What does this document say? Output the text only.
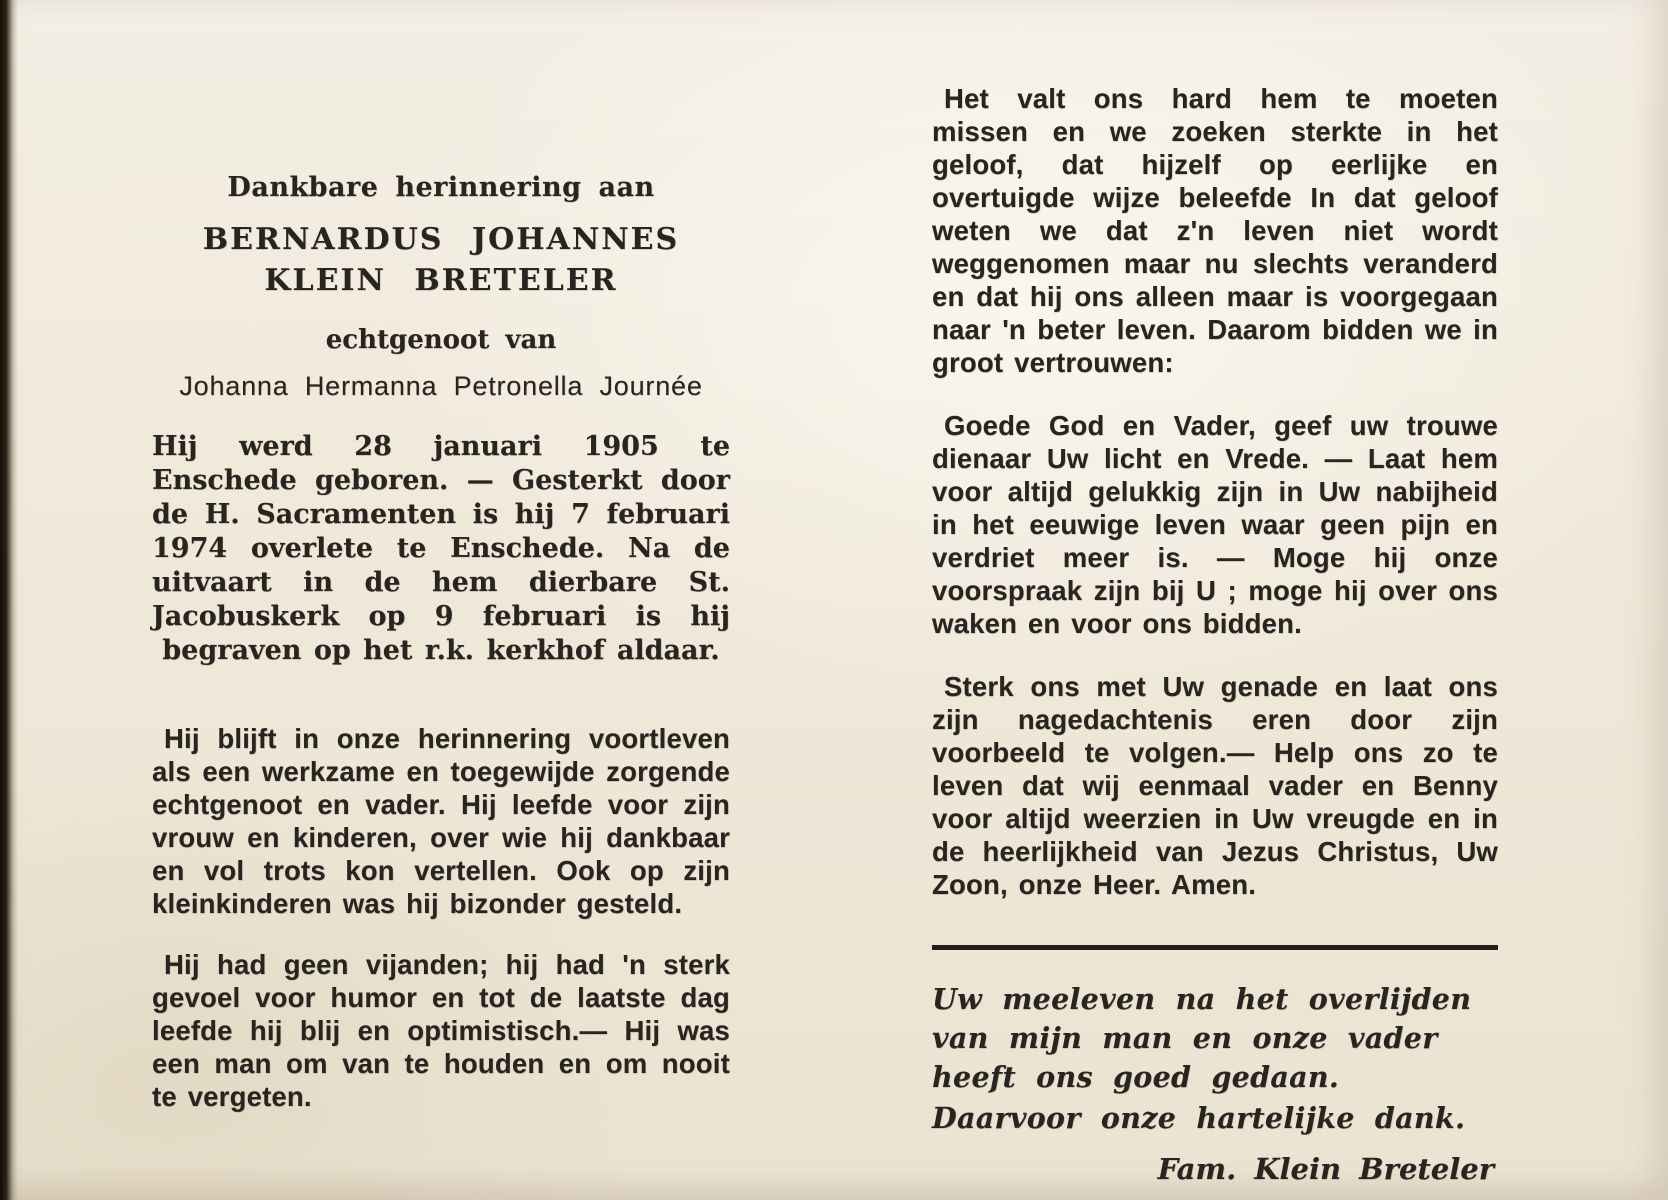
Dankbare herinnering aan
BERNARDUS JOHANNES
KLEIN BRETELER
echtgenoot van
Johanna Hermanna Petronella Journée
Hij werd 28 januari 1905 te Enschede geboren. — Gesterkt door de H. Sacramenten is hij 7 februari 1974 overlete te Enschede. Na de uitvaart in de hem dierbare St. Jacobuskerk op 9 februari is hij begraven op het r.k. kerkhof aldaar.
Hij blijft in onze herinnering voortleven als een werkzame en toegewijde zorgende echtgenoot en vader. Hij leefde voor zijn vrouw en kinderen, over wie hij dankbaar en vol trots kon vertellen. Ook op zijn kleinkinderen was hij bizonder gesteld.
Hij had geen vijanden; hij had 'n sterk gevoel voor humor en tot de laatste dag leefde hij blij en optimistisch.— Hij was een man om van te houden en om nooit te vergeten.
Het valt ons hard hem te moeten missen en we zoeken sterkte in het geloof, dat hijzelf op eerlijke en overtuigde wijze beleefde In dat geloof weten we dat z'n leven niet wordt weggenomen maar nu slechts veranderd en dat hij ons alleen maar is voorgegaan naar 'n beter leven. Daarom bidden we in groot vertrouwen:
Goede God en Vader, geef uw trouwe dienaar Uw licht en Vrede. — Laat hem voor altijd gelukkig zijn in Uw nabijheid in het eeuwige leven waar geen pijn en verdriet meer is. — Moge hij onze voorspraak zijn bij U ; moge hij over ons waken en voor ons bidden.
Sterk ons met Uw genade en laat ons zijn nagedachtenis eren door zijn voorbeeld te volgen.— Help ons zo te leven dat wij eenmaal vader en Benny voor altijd weerzien in Uw vreugde en in de heerlijkheid van Jezus Christus, Uw Zoon, onze Heer. Amen.
Uw meeleven na het overlijden van mijn man en onze vader heeft ons goed gedaan.
Daarvoor onze hartelijke dank.
Fam. Klein Breteler
